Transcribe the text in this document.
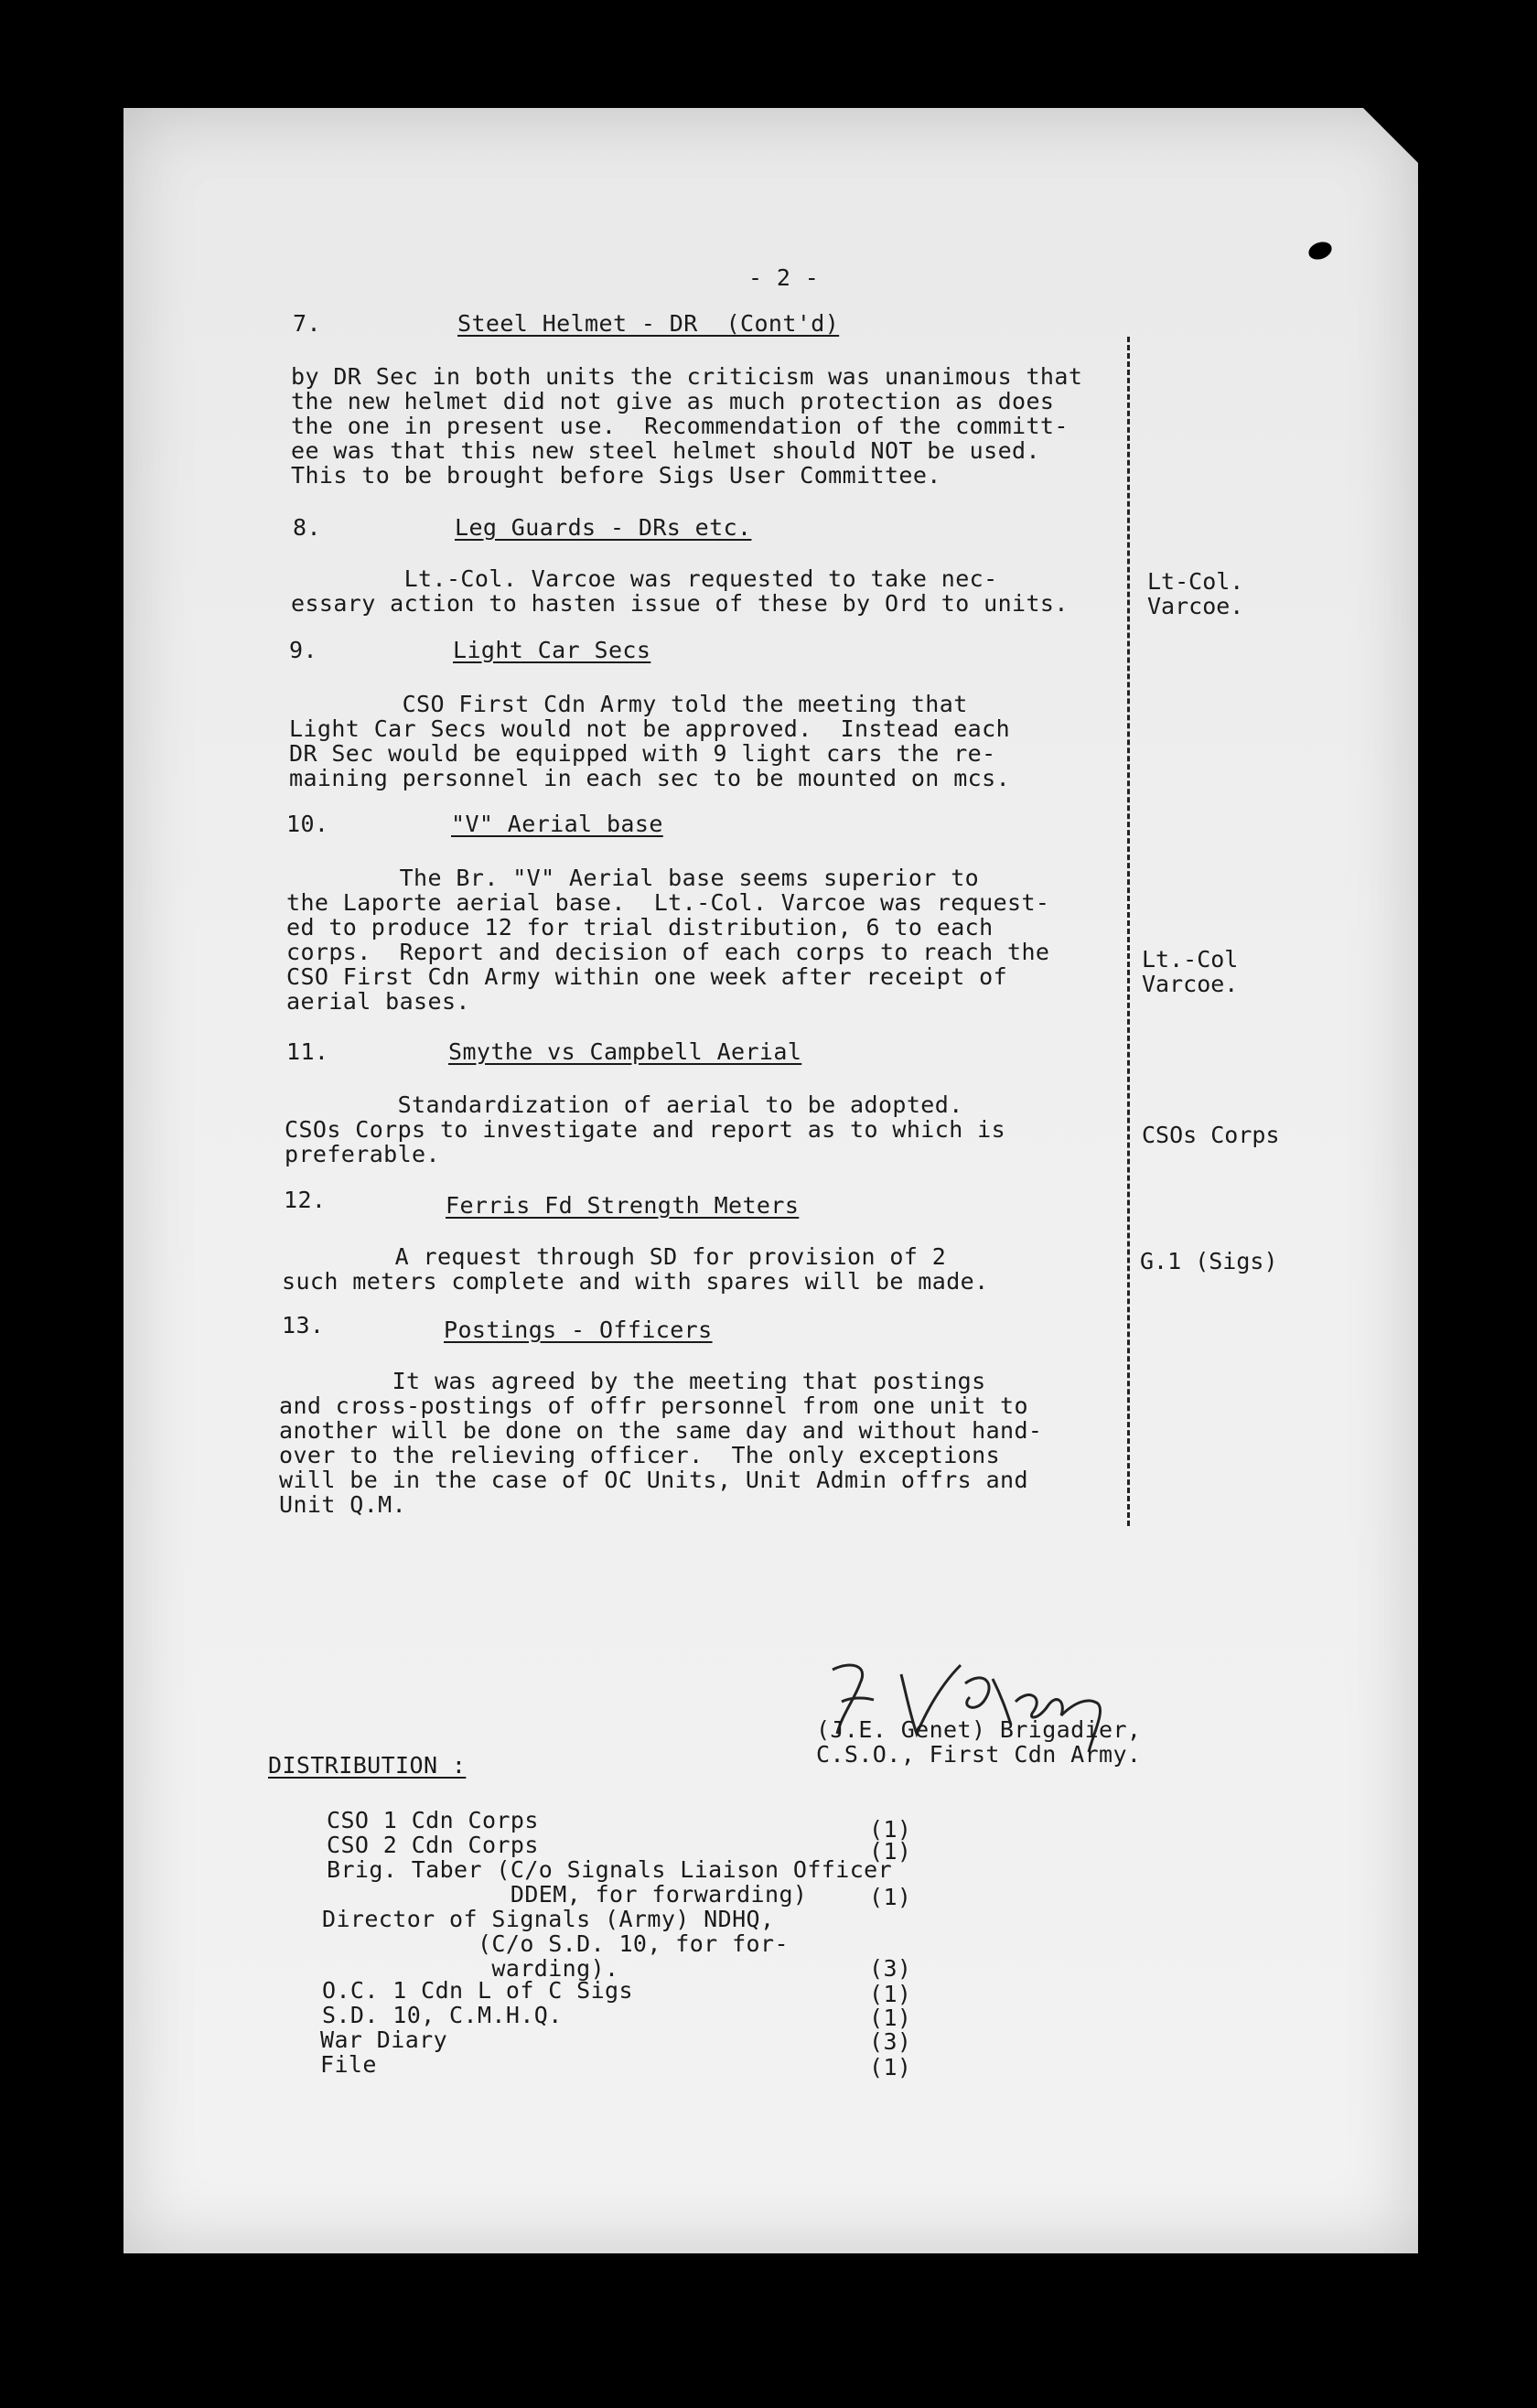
- 2 -
7.	Steel Helmet - DR  (Cont'd)
by DR Sec in both units the criticism was unanimous that
the new helmet did not give as much protection as does
the one in present use.  Recommendation of the committ-
ee was that this new steel helmet should NOT be used.
This to be brought before Sigs User Committee.
8.	Leg Guards - DRs etc.
Lt.-Col. Varcoe was requested to take nec-
essary action to hasten issue of these by Ord to units.
Lt-Col.
Varcoe.
9.	Light Car Secs
CSO First Cdn Army told the meeting that
Light Car Secs would not be approved.  Instead each
DR Sec would be equipped with 9 light cars the re-
maining personnel in each sec to be mounted on mcs.
10.	"V" Aerial base
The Br. "V" Aerial base seems superior to
the Laporte aerial base.  Lt.-Col. Varcoe was request-
ed to produce 12 for trial distribution, 6 to each
corps.  Report and decision of each corps to reach the
CSO First Cdn Army within one week after receipt of
aerial bases.
Lt.-Col
Varcoe.
11.	Smythe vs Campbell Aerial
Standardization of aerial to be adopted.
CSOs Corps to investigate and report as to which is
preferable.
CSOs Corps
12.	Ferris Fd Strength Meters
A request through SD for provision of 2
such meters complete and with spares will be made.
G.1 (Sigs)
13.	Postings - Officers
It was agreed by the meeting that postings
and cross-postings of offr personnel from one unit to
another will be done on the same day and without hand-
over to the relieving officer.  The only exceptions
will be in the case of OC Units, Unit Admin offrs and
Unit Q.M.
(J.E. Genet) Brigadier,
C.S.O., First Cdn Army.
DISTRIBUTION :
CSO 1 Cdn Corps	(1)
CSO 2 Cdn Corps	(1)
Brig. Taber (C/o Signals Liaison Officer
DDEM, for forwarding)	(1)
Director of Signals (Army) NDHQ,
(C/o S.D. 10, for for-
warding).	(3)
O.C. 1 Cdn L of C Sigs	(1)
S.D. 10, C.M.H.Q.	(1)
War Diary	(3)
File	(1)
